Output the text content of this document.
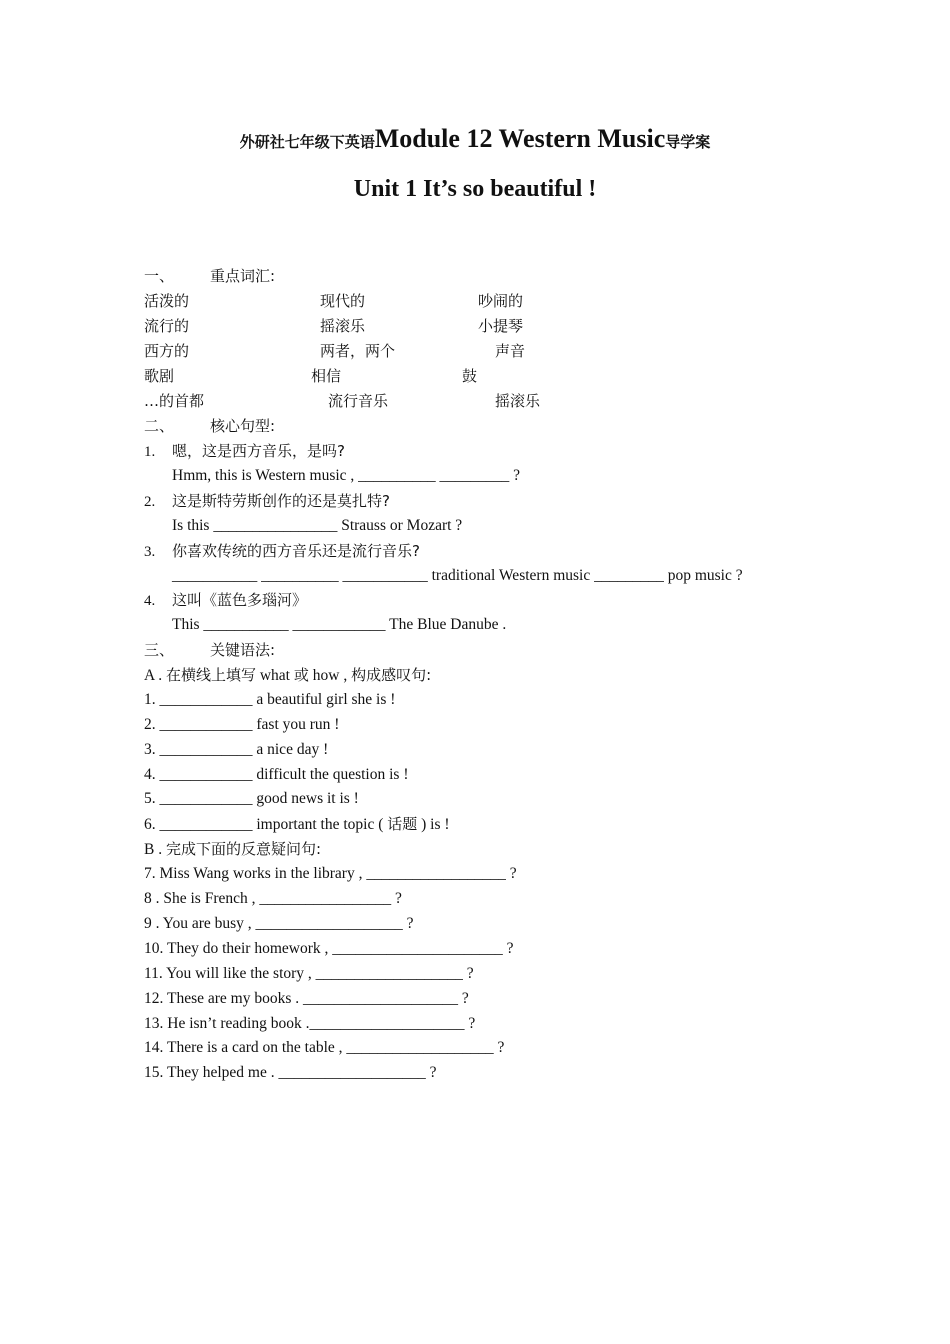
外研社七年级下英语Module 12 Western Music导学案
Unit 1 It’s so beautiful !
一、 重点词汇:
活泼的	现代的	吵闹的
流行的	摇滚乐	小提琴
西方的	两者，两个	声音
歌剧	相信	鼓
…的首都	流行音乐	摇滚乐
二、 核心句型:
1. 嗯，这是西方音乐，是吗?
Hmm, this is Western music , __________ _________ ?
2. 这是斯特劳斯创作的还是莫扎特?
Is this ________________ Strauss or Mozart ?
3. 你喜欢传统的西方音乐还是流行音乐?
___________ __________ ___________ traditional Western music _________ pop music ?
4. 这叫《蓝色多瑙河》
This ___________ ____________ The Blue Danube .
三、 关键语法:
A . 在横线上填写 what 或 how , 构成感叹句:
1. ____________ a beautiful girl she is !
2. ____________ fast you run !
3. ____________ a nice day !
4. ____________ difficult the question is !
5. ____________ good news it is !
6. ____________ important the topic ( 话题 ) is !
B . 完成下面的反意疑问句:
7. Miss Wang works in the library , __________________ ?
8 . She is French , _________________ ?
9 . You are busy , ___________________ ?
10. They do their homework , ______________________ ?
11. You will like the story , ___________________ ?
12. These are my books . ____________________ ?
13. He isn’t reading book .____________________ ?
14. There is a card on the table , ___________________ ?
15. They helped me . ___________________ ?
